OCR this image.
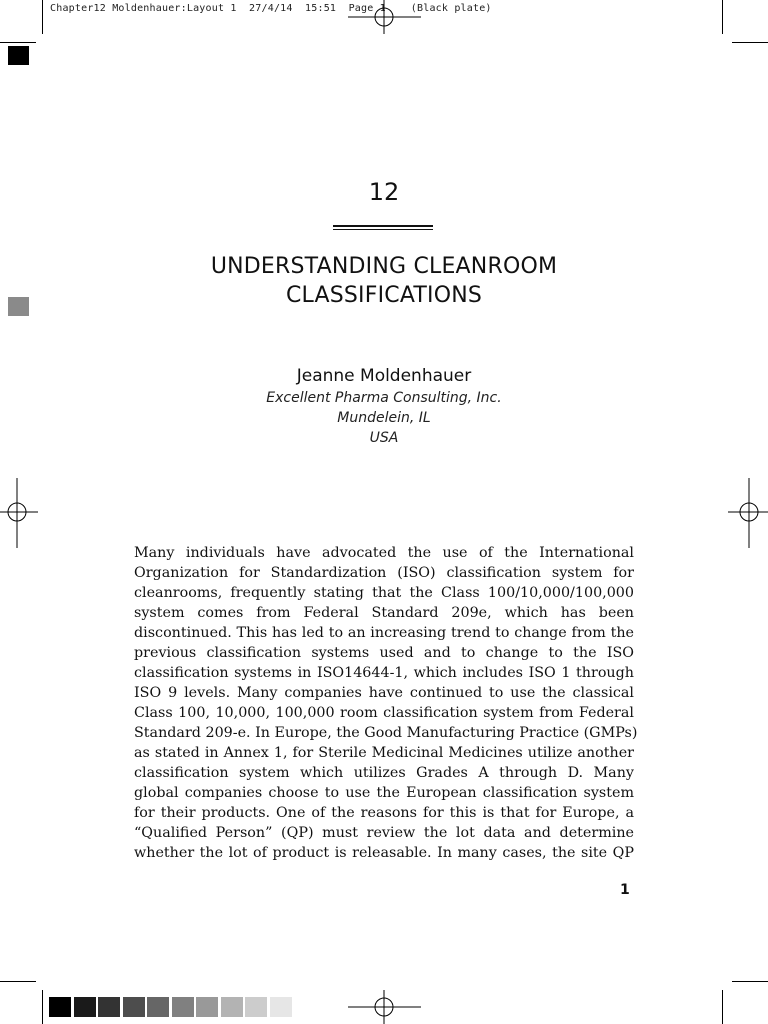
Chapter12 Moldenhauer:Layout 1  27/4/14  15:51  Page 1    (Black plate)
12
UNDERSTANDING CLEANROOM
CLASSIFICATIONS
Jeanne Moldenhauer
Excellent Pharma Consulting, Inc.
Mundelein, IL
USA
Many individuals have advocated the use of the International
Organization for Standardization (ISO) classification system for
cleanrooms, frequently stating that the Class 100/10,000/100,000
system comes from Federal Standard 209e, which has been
discontinued. This has led to an increasing trend to change from the
previous classification systems used and to change to the ISO
classification systems in ISO14644-1, which includes ISO 1 through
ISO 9 levels. Many companies have continued to use the classical
Class 100, 10,000, 100,000 room classification system from Federal
Standard 209-e. In Europe, the Good Manufacturing Practice (GMPs)
as stated in Annex 1, for Sterile Medicinal Medicines utilize another
classification system which utilizes Grades A through D. Many
global companies choose to use the European classification system
for their products. One of the reasons for this is that for Europe, a
“Qualified Person” (QP) must review the lot data and determine
whether the lot of product is releasable. In many cases, the site QP
1
